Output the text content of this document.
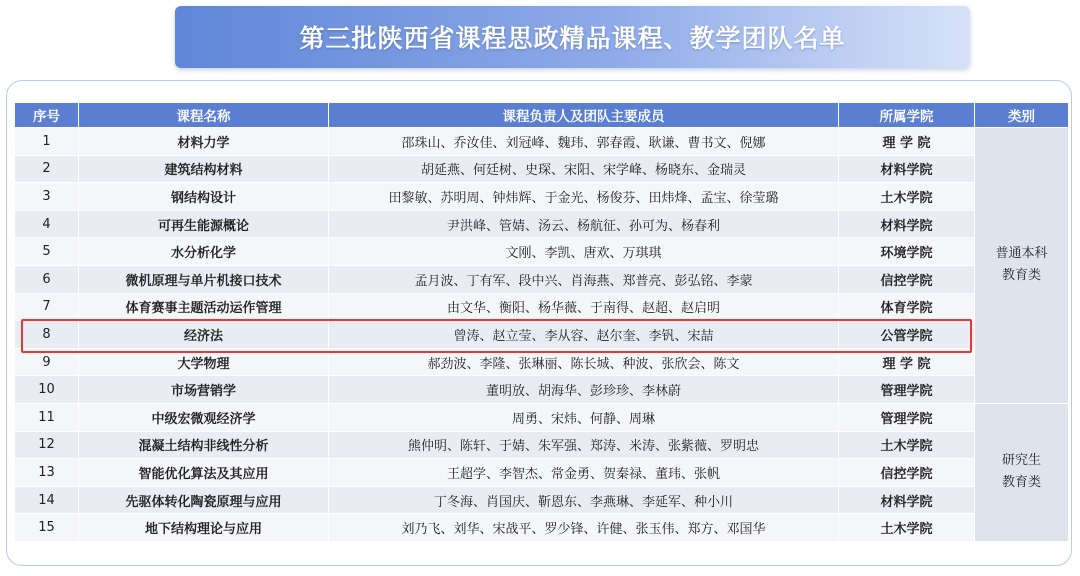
第三批陕西省课程思政精品课程、教学团队名单
序号	课程名称	课程负责人及团队主要成员	所属学院	类别
1	材料力学	邵珠山、乔汝佳、刘冠峰、魏玮、郭春霞、耿谦、曹书文、倪娜	理 学 院	普通本科
教育类
2	建筑结构材料	胡延燕、何廷树、史琛、宋阳、宋学峰、杨晓东、金瑞灵	材料学院	
3	钢结构设计	田黎敏、苏明周、钟炜辉、于金光、杨俊芬、田炜烽、孟宝、徐莹璐	土木学院	
4	可再生能源概论	尹洪峰、管婧、汤云、杨航征、孙可为、杨春利	材料学院	
5	水分析化学	文刚、李凯、唐欢、万琪琪	环境学院	
6	微机原理与单片机接口技术	孟月波、丁有军、段中兴、肖海燕、郑普亮、彭弘铭、李蒙	信控学院	
7	体育赛事主题活动运作管理	由文华、衡阳、杨华薇、于南得、赵超、赵启明	体育学院	
8	经济法	曾涛、赵立莹、李从容、赵尔奎、李钒、宋喆	公管学院	
9	大学物理	郝劲波、李隆、张琳丽、陈长城、种波、张欣会、陈文	理 学 院	
10	市场营销学	董明放、胡海华、彭珍珍、李林蔚	管理学院	
11	中级宏微观经济学	周勇、宋炜、何静、周琳	管理学院	研究生
教育类
12	混凝土结构非线性分析	熊仲明、陈轩、于婧、朱军强、郑涛、米涛、张紫薇、罗明忠	土木学院	
13	智能优化算法及其应用	王超学、李智杰、常金勇、贺秦禄、董玮、张帆	信控学院	
14	先驱体转化陶瓷原理与应用	丁冬海、肖国庆、靳恩东、李燕琳、李延军、种小川	材料学院	
15	地下结构理论与应用	刘乃飞、刘华、宋战平、罗少锋、许健、张玉伟、郑方、邓国华	土木学院	
